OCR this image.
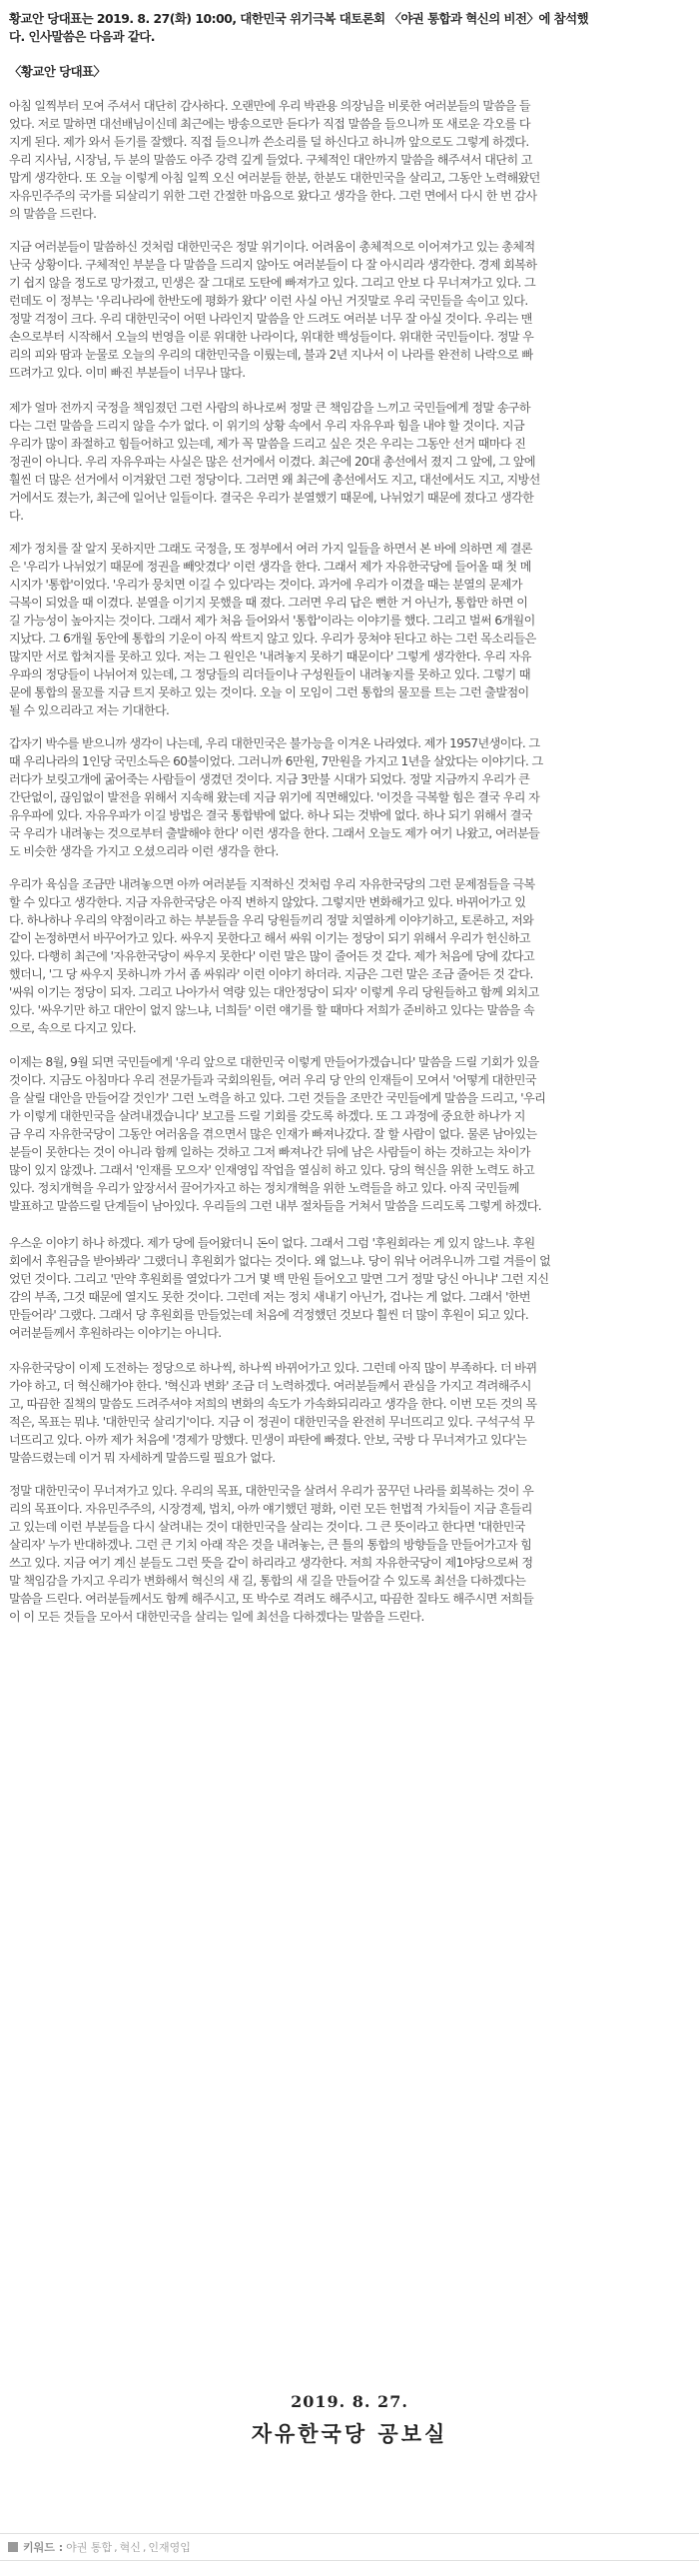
황교안 당대표는 2019. 8. 27(화) 10:00, 대한민국 위기극복 대토론회 〈야권 통합과 혁신의 비전〉에 참석했
다. 인사말씀은 다음과 같다.
〈황교안 당대표〉
아침 일찍부터 모여 주셔서 대단히 감사하다. 오랜만에 우리 박관용 의장님을 비롯한 여러분들의 말씀을 들
었다. 저로 말하면 대선배님이신데 최근에는 방송으로만 듣다가 직접 말씀을 들으니까 또 새로운 각오를 다
지게 된다. 제가 와서 듣기를 잘했다. 직접 들으니까 쓴소리를 덜 하신다고 하니까 앞으로도 그렇게 하겠다.
우리 지사님, 시장님, 두 분의 말씀도 아주 강력 깊게 들었다. 구체적인 대안까지 말씀을 해주셔서 대단히 고
맙게 생각한다. 또 오늘 이렇게 아침 일찍 오신 여러분들 한분, 한분도 대한민국을 살리고, 그동안 노력해왔던
자유민주주의 국가를 되살리기 위한 그런 간절한 마음으로 왔다고 생각을 한다. 그런 면에서 다시 한 번 감사
의 말씀을 드린다.
지금 여러분들이 말씀하신 것처럼 대한민국은 정말 위기이다. 어려움이 총체적으로 이어져가고 있는 총체적
난국 상황이다. 구체적인 부분을 다 말씀을 드리지 않아도 여러분들이 다 잘 아시리라 생각한다. 경제 회복하
기 쉽지 않을 정도로 망가졌고, 민생은 잘 그대로 도탄에 빠져가고 있다. 그리고 안보 다 무너져가고 있다. 그
런데도 이 정부는 '우리나라에 한반도에 평화가 왔다' 이런 사실 아닌 거짓말로 우리 국민들을 속이고 있다.
정말 걱정이 크다. 우리 대한민국이 어떤 나라인지 말씀을 안 드려도 여러분 너무 잘 아실 것이다. 우리는 맨
손으로부터 시작해서 오늘의 번영을 이룬 위대한 나라이다, 위대한 백성들이다. 위대한 국민들이다. 정말 우
리의 피와 땀과 눈물로 오늘의 우리의 대한민국을 이뤘는데, 불과 2년 지나서 이 나라를 완전히 나락으로 빠
뜨려가고 있다. 이미 빠진 부분들이 너무나 많다.
제가 얼마 전까지 국정을 책임졌던 그런 사람의 하나로써 정말 큰 책임감을 느끼고 국민들에게 정말 송구하
다는 그런 말씀을 드리지 않을 수가 없다. 이 위기의 상황 속에서 우리 자유우파 힘을 내야 할 것이다. 지금
우리가 많이 좌절하고 힘들어하고 있는데, 제가 꼭 말씀을 드리고 싶은 것은 우리는 그동안 선거 때마다 진
정권이 아니다. 우리 자유우파는 사실은 많은 선거에서 이겼다. 최근에 20대 총선에서 졌지 그 앞에, 그 앞에
훨씬 더 많은 선거에서 이겨왔던 그런 정당이다. 그러면 왜 최근에 총선에서도 지고, 대선에서도 지고, 지방선
거에서도 졌는가, 최근에 일어난 일들이다. 결국은 우리가 분열했기 때문에, 나뉘었기 때문에 졌다고 생각한
다.
제가 정치를 잘 알지 못하지만 그래도 국정을, 또 정부에서 여러 가지 일들을 하면서 본 바에 의하면 제 결론
은 '우리가 나뉘었기 때문에 정권을 빼앗겼다' 이런 생각을 한다. 그래서 제가 자유한국당에 들어올 때 첫 메
시지가 '통합'이었다. '우리가 뭉치면 이길 수 있다'라는 것이다. 과거에 우리가 이겼을 때는 분열의 문제가
극복이 되었을 때 이겼다. 분열을 이기지 못했을 때 졌다. 그러면 우리 답은 뻔한 거 아닌가, 통합만 하면 이
길 가능성이 높아지는 것이다. 그래서 제가 처음 들어와서 '통합'이라는 이야기를 했다. 그리고 벌써 6개월이
지났다. 그 6개월 동안에 통합의 기운이 아직 싹트지 않고 있다. 우리가 뭉쳐야 된다고 하는 그런 목소리들은
많지만 서로 합쳐지를 못하고 있다. 저는 그 원인은 '내려놓지 못하기 때문이다' 그렇게 생각한다. 우리 자유
우파의 정당들이 나뉘어져 있는데, 그 정당들의 리더들이나 구성원들이 내려놓지를 못하고 있다. 그렇기 때
문에 통합의 물꼬를 지금 트지 못하고 있는 것이다. 오늘 이 모임이 그런 통합의 물꼬를 트는 그런 출발점이
될 수 있으리라고 저는 기대한다.
갑자기 박수를 받으니까 생각이 나는데, 우리 대한민국은 불가능을 이겨온 나라였다. 제가 1957년생이다. 그
때 우리나라의 1인당 국민소득은 60불이었다. 그러니까 6만원, 7만원을 가지고 1년을 살았다는 이야기다. 그
러다가 보릿고개에 굶어죽는 사람들이 생겼던 것이다. 지금 3만불 시대가 되었다. 정말 지금까지 우리가 큰
간단없이, 끊임없이 발전을 위해서 지속해 왔는데 지금 위기에 직면해있다. '이것을 극복할 힘은 결국 우리 자
유우파에 있다. 자유우파가 이길 방법은 결국 통합밖에 없다. 하나 되는 것밖에 없다. 하나 되기 위해서 결국
국 우리가 내려놓는 것으로부터 출발해야 한다' 이런 생각을 한다. 그래서 오늘도 제가 여기 나왔고, 여러분들
도 비슷한 생각을 가지고 오셨으리라 이런 생각을 한다.
우리가 육심을 조금만 내려놓으면 아까 여러분들 지적하신 것처럼 우리 자유한국당의 그런 문제점들을 극복
할 수 있다고 생각한다. 지금 자유한국당은 아직 변하지 않았다. 그렇지만 변화해가고 있다. 바뀌어가고 있
다. 하나하나 우리의 약점이라고 하는 부분들을 우리 당원들끼리 정말 치열하게 이야기하고, 토론하고, 저와
같이 논정하면서 바꾸어가고 있다. 싸우지 못한다고 해서 싸워 이기는 정당이 되기 위해서 우리가 헌신하고
있다. 다행히 최근에 '자유한국당이 싸우지 못한다' 이런 말은 많이 줄어든 것 같다. 제가 처음에 당에 갔다고
했더니, '그 당 싸우지 못하니까 가서 좀 싸워라' 이런 이야기 하더라. 지금은 그런 말은 조금 줄어든 것 같다.
'싸워 이기는 정당이 되자. 그리고 나아가서 역량 있는 대안정당이 되자' 이렇게 우리 당원들하고 함께 외치고
있다. '싸우기만 하고 대안이 없지 않느냐, 너희들' 이런 얘기를 할 때마다 저희가 준비하고 있다는 말씀을 속
으로, 속으로 다지고 있다.
이제는 8월, 9월 되면 국민들에게 '우리 앞으로 대한민국 이렇게 만들어가겠습니다' 말씀을 드릴 기회가 있을
것이다. 지금도 아침마다 우리 전문가들과 국회의원들, 여러 우리 당 안의 인재들이 모여서 '어떻게 대한민국
을 살릴 대안을 만들어갈 것인가' 그런 노력을 하고 있다. 그런 것들을 조만간 국민들에게 말씀을 드리고, '우리
가 이렇게 대한민국을 살려내겠습니다' 보고를 드릴 기회를 갖도록 하겠다. 또 그 과정에 중요한 하나가 지
금 우리 자유한국당이 그동안 여러움을 겪으면서 많은 인재가 빠져나갔다. 잘 할 사람이 없다. 물론 남아있는
분들이 못한다는 것이 아니라 함께 일하는 것하고 그저 빠져나간 뒤에 남은 사람들이 하는 것하고는 차이가
많이 있지 않겠나. 그래서 '인재를 모으자' 인재영입 작업을 열심히 하고 있다. 당의 혁신을 위한 노력도 하고
있다. 정치개혁을 우리가 앞장서서 끌어가자고 하는 정치개혁을 위한 노력들을 하고 있다. 아직 국민들께
발표하고 말씀드릴 단계들이 남아있다. 우리들의 그런 내부 절차들을 거쳐서 말씀을 드리도록 그렇게 하겠다.
우스운 이야기 하나 하겠다. 제가 당에 들어왔더니 돈이 없다. 그래서 그럼 '후원회라는 게 있지 않느냐. 후원
회에서 후원금을 받아봐라' 그랬더니 후원회가 없다는 것이다. 왜 없느냐. 당이 워낙 어려우니까 그럴 겨를이 없
었던 것이다. 그리고 '만약 후원회를 열었다가 그거 몇 백 만원 들어오고 말면 그거 정말 당신 아니냐' 그런 지신
감의 부족, 그것 때문에 열지도 못한 것이다. 그런데 저는 정치 새내기 아닌가, 겁나는 게 없다. 그래서 '한번
만들어라' 그랬다. 그래서 당 후원회를 만들었는데 처음에 걱정했던 것보다 훨씬 더 많이 후원이 되고 있다.
여러분들께서 후원하라는 이야기는 아니다.
자유한국당이 이제 도전하는 정당으로 하나씩, 하나씩 바뀌어가고 있다. 그런데 아직 많이 부족하다. 더 바뀌
가야 하고, 더 혁신해가야 한다. '혁신과 변화' 조금 더 노력하겠다. 여러분들께서 관심을 가지고 격려해주시
고, 따끔한 질책의 말씀도 드려주셔야 저희의 변화의 속도가 가속화되리라고 생각을 한다. 이번 모든 것의 목
적은, 목표는 뭐냐. '대한민국 살리기'이다. 지금 이 정권이 대한민국을 완전히 무너뜨리고 있다. 구석구석 무
너뜨리고 있다. 아까 제가 처음에 '경제가 망했다. 민생이 파탄에 빠졌다. 안보, 국방 다 무너져가고 있다'는
말씀드렸는데 이거 뭐 자세하게 말씀드릴 필요가 없다.
정말 대한민국이 무너져가고 있다. 우리의 목표, 대한민국을 살려서 우리가 꿈꾸던 나라를 회복하는 것이 우
리의 목표이다. 자유민주주의, 시장경제, 법치, 아까 얘기했던 평화, 이런 모든 헌법적 가치들이 지금 흔들리
고 있는데 이런 부분들을 다시 살려내는 것이 대한민국을 살리는 것이다. 그 큰 뜻이라고 한다면 '대한민국
살리자' 누가 반대하겠나. 그런 큰 기치 아래 작은 것을 내려놓는, 큰 틀의 통합의 방향들을 만들어가고자 힘
쓰고 있다. 지금 여기 계신 분들도 그런 뜻을 같이 하리라고 생각한다. 저희 자유한국당이 제1야당으로써 정
말 책임감을 가지고 우리가 변화해서 혁신의 새 길, 통합의 새 길을 만들어갈 수 있도록 최선을 다하겠다는
말씀을 드린다. 여러분들께서도 함께 해주시고, 또 박수로 격려도 해주시고, 따끔한 질타도 해주시면 저희들
이 이 모든 것들을 모아서 대한민국을 살리는 일에 최선을 다하겠다는 말씀을 드린다.
2019. 8. 27.
자유한국당 공보실
키워드 : 야권 통합 , 혁신 , 인재영입
